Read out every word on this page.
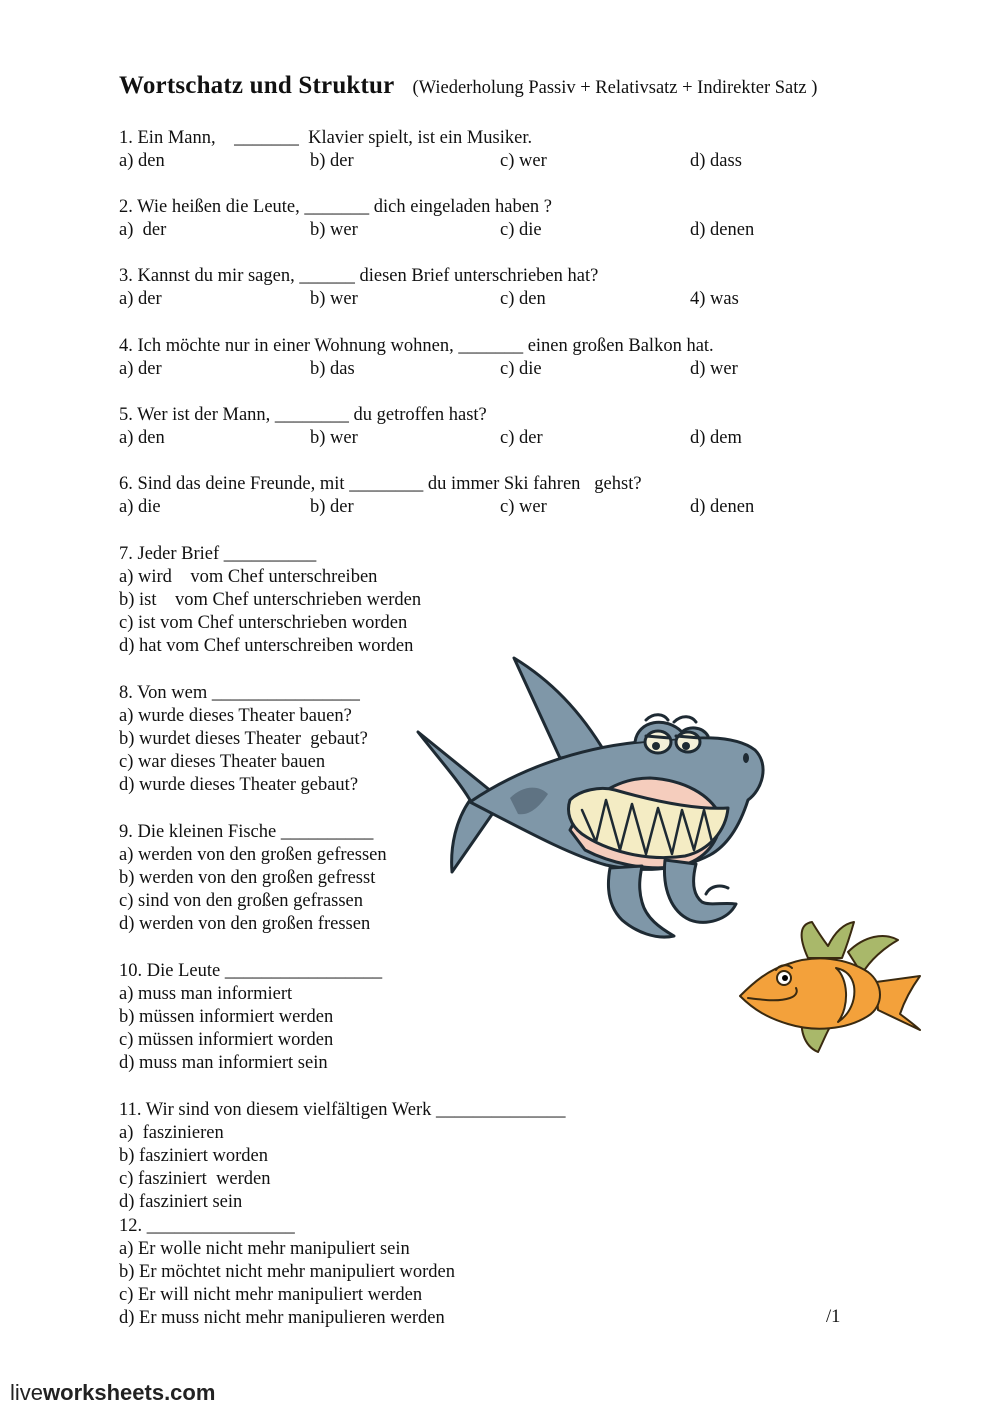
Wortschatz und Struktur (Wiederholung Passiv + Relativsatz + Indirekter Satz )
1. Ein Mann,    _______  Klavier spielt, ist ein Musiker.
a) den	b) der	c) wer	d) dass
2. Wie heißen die Leute, _______ dich eingeladen haben ?
a)  der	b) wer	c) die	d) denen
3. Kannst du mir sagen, ______ diesen Brief unterschrieben hat?
a) der	b) wer	c) den	4) was
4. Ich möchte nur in einer Wohnung wohnen, _______ einen großen Balkon hat.
a) der	b) das	c) die	d) wer
5. Wer ist der Mann, ________ du getroffen hast?
a) den	b) wer	c) der	d) dem
6. Sind das deine Freunde, mit ________ du immer Ski fahren   gehst?
a) die	b) der	c) wer	d) denen
7. Jeder Brief __________
a) wird    vom Chef unterschreiben
b) ist    vom Chef unterschrieben werden
c) ist vom Chef unterschrieben worden
d) hat vom Chef unterschreiben worden
8. Von wem ________________
a) wurde dieses Theater bauen?
b) wurdet dieses Theater  gebaut?
c) war dieses Theater bauen
d) wurde dieses Theater gebaut?
9. Die kleinen Fische __________
a) werden von den großen gefressen
b) werden von den großen gefresst
c) sind von den großen gefrassen
d) werden von den großen fressen
10. Die Leute _________________
a) muss man informiert
b) müssen informiert werden
c) müssen informiert worden
d) muss man informiert sein
11. Wir sind von diesem vielfältigen Werk ______________
a)  faszinieren
b) fasziniert worden
c) fasziniert  werden
d) fasziniert sein
12. ________________
a) Er wolle nicht mehr manipuliert sein
b) Er möchtet nicht mehr manipuliert worden
c) Er will nicht mehr manipuliert werden
d) Er muss nicht mehr manipulieren werden	/1
liveworksheets.com
